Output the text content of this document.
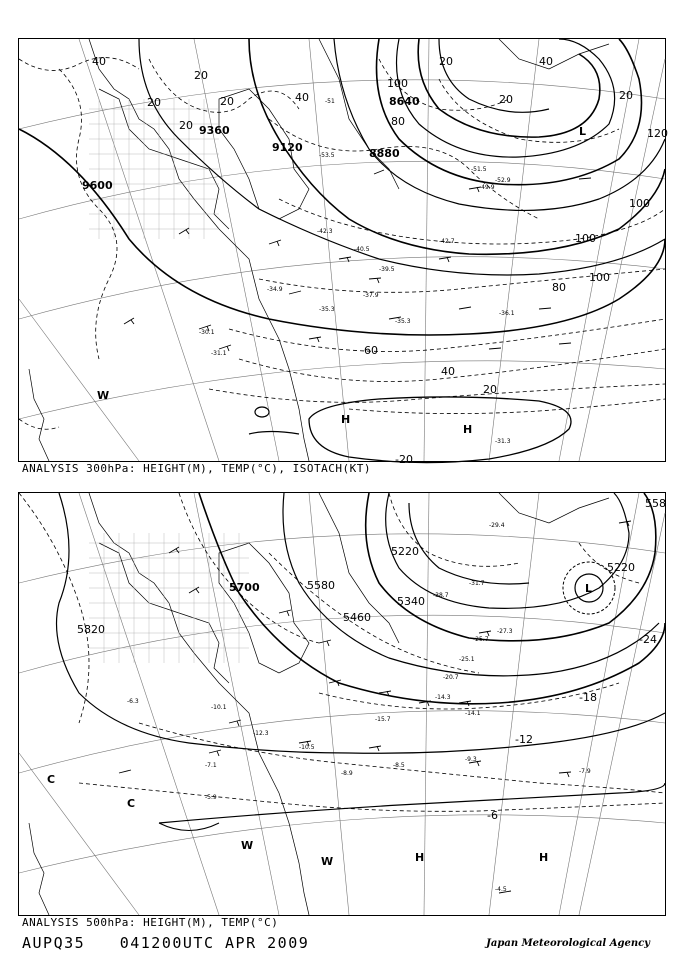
9600
9360
9120
8640
8880
40
20
20
20
20	40
20
20
40
20
100
80
120
100
100
100
80
60
40
20
-20
-51
-53.5
-42.3
-40.5
-39.5
-37.9
-35.3
-36.1
-35.3
-34.9
-30.1
-31.1
-51.5
-49.9
-52.9
-42.7
-31.3
L
H
H
W
ANALYSIS 300hPa: HEIGHT(M), TEMP(°C), ISOTACH(KT)
5820
5700	5580
5460
5340
5220
5220
558
-24
-18
-12
-6
-29.4
-31.7
-38.7
-25.7
-27.3
-25.1
-20.7
-14.3
-14.1
-9.3
-7.9
-8.5
-8.9
-10.5
-12.3
-7.1
-5.9
-4.5
-15.7
-10.1
-6.3
L
C
C
W
W	H	H
ANALYSIS 500hPa: HEIGHT(M), TEMP(°C)
AUPQ35 041200UTC APR 2009	Japan Meteorological Agency
